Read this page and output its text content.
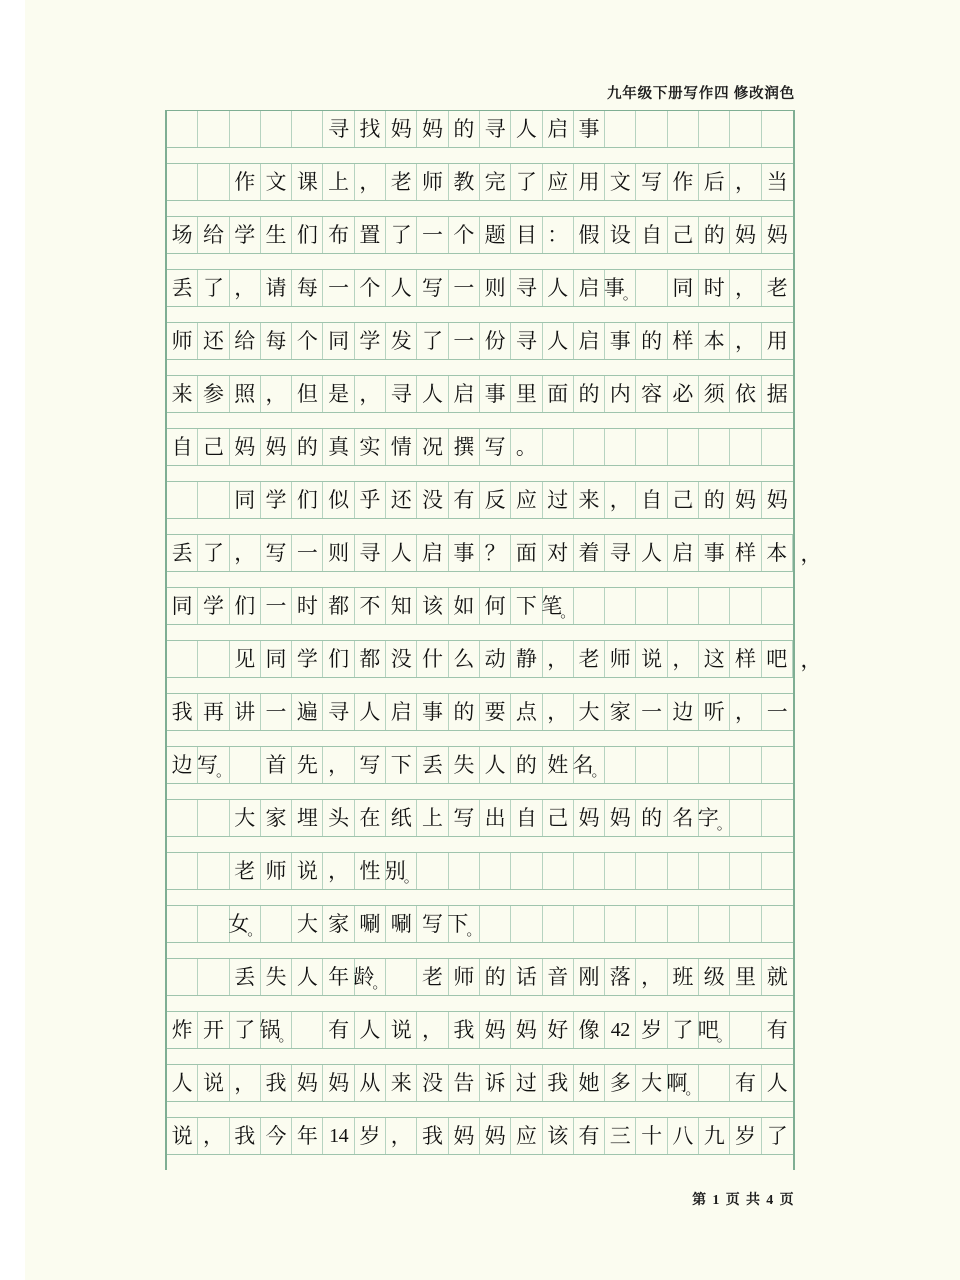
九年级下册写作四 修改润色
寻 找 妈 妈 的 寻 人 启 事
作 文 课 上 ， 老 师 教 完 了 应 用 文 写 作 后 ， 当
场 给 学 生 们 布 置 了 一 个 题 目 ： 假 设 自 己 的 妈 妈
丢 了 ， 请 每 一 个 人 写 一 则 寻 人 启 事 。 同 时 ， 老
师 还 给 每 个 同 学 发 了 一 份 寻 人 启 事 的 样 本 ， 用
来 参 照 ， 但 是 ， 寻 人 启 事 里 面 的 内 容 必 须 依 据
自 己 妈 妈 的 真 实 情 况 撰 写 。
同 学 们 似 乎 还 没 有 反 应 过 来 ， 自 己 的 妈 妈
丢 了 ， 写 一 则 寻 人 启 事 ？ 面 对 着 寻 人 启 事 样 本 ，
同 学 们 一 时 都 不 知 该 如 何 下 笔 。
见 同 学 们 都 没 什 么 动 静 ， 老 师 说 ， 这 样 吧 ，
我 再 讲 一 遍 寻 人 启 事 的 要 点 ， 大 家 一 边 听 ， 一
边 写 。 首 先 ， 写 下 丢 失 人 的 姓 名 。
大 家 埋 头 在 纸 上 写 出 自 己 妈 妈 的 名 字 。
老 师 说 ， 性 别 。
女 。 大 家 唰 唰 写 下 。
丢 失 人 年 龄 。 老 师 的 话 音 刚 落 ， 班 级 里 就
炸 开 了 锅 。 有 人 说 ， 我 妈 妈 好 像 42 岁 了 吧 。 有
人 说 ， 我 妈 妈 从 来 没 告 诉 过 我 她 多 大 啊 。 有 人
说 ， 我 今 年 14 岁 ， 我 妈 妈 应 该 有 三 十 八 九 岁 了
第 1 页 共 4 页
